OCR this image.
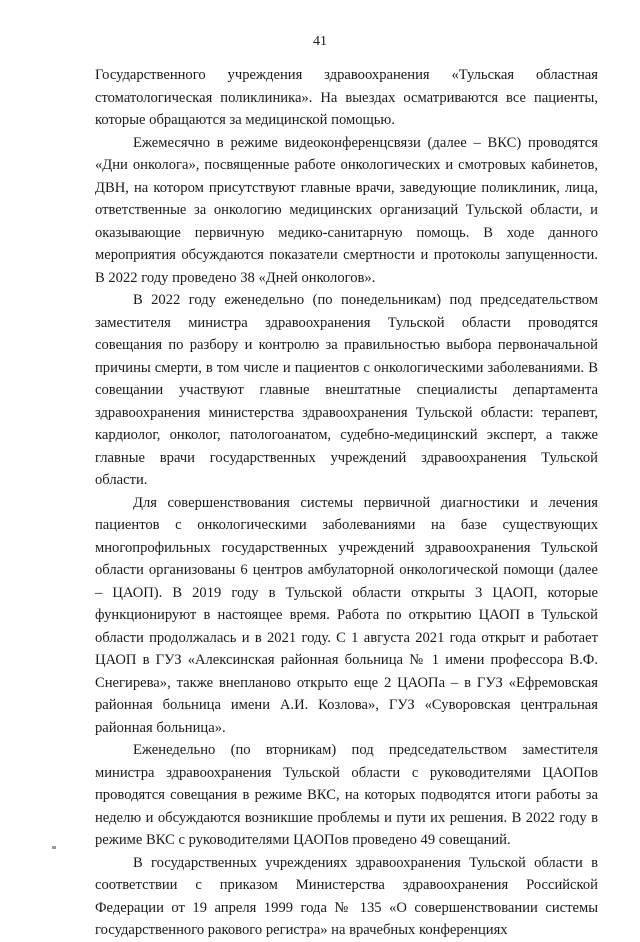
41

Государственного учреждения здравоохранения «Тульская областная стоматологическая поликлиника». На выездах осматриваются все пациенты, которые обращаются за медицинской помощью.

Ежемесячно в режиме видеоконференцсвязи (далее – ВКС) проводятся «Дни онколога», посвященные работе онкологических и смотровых кабинетов, ДВН, на котором присутствуют главные врачи, заведующие поликлиник, лица, ответственные за онкологию медицинских организаций Тульской области, и оказывающие первичную медико-санитарную помощь. В ходе данного мероприятия обсуждаются показатели смертности и протоколы запущенности. В 2022 году проведено 38 «Дней онкологов».

В 2022 году еженедельно (по понедельникам) под председательством заместителя министра здравоохранения Тульской области проводятся совещания по разбору и контролю за правильностью выбора первоначальной причины смерти, в том числе и пациентов с онкологическими заболеваниями. В совещании участвуют главные внештатные специалисты департамента здравоохранения министерства здравоохранения Тульской области: терапевт, кардиолог, онколог, патологоанатом, судебно-медицинский эксперт, а также главные врачи государственных учреждений здравоохранения Тульской области.

Для совершенствования системы первичной диагностики и лечения пациентов с онкологическими заболеваниями на базе существующих многопрофильных государственных учреждений здравоохранения Тульской области организованы 6 центров амбулаторной онкологической помощи (далее – ЦАОП). В 2019 году в Тульской области открыты 3 ЦАОП, которые функционируют в настоящее время. Работа по открытию ЦАОП в Тульской области продолжалась и в 2021 году. С 1 августа 2021 года открыт и работает ЦАОП в ГУЗ «Алексинская районная больница № 1 имени профессора В.Ф. Снегирева», также внепланово открыто еще 2 ЦАОПа – в ГУЗ «Ефремовская районная больница имени А.И. Козлова», ГУЗ «Суворовская центральная районная больница».

Еженедельно (по вторникам) под председательством заместителя министра здравоохранения Тульской области с руководителями ЦАОПов проводятся совещания в режиме ВКС, на которых подводятся итоги работы за неделю и обсуждаются возникшие проблемы и пути их решения. В 2022 году в режиме ВКС с руководителями ЦАОПов проведено 49 совещаний.

В государственных учреждениях здравоохранения Тульской области в соответствии с приказом Министерства здравоохранения Российской Федерации от 19 апреля 1999 года № 135 «О совершенствовании системы государственного ракового регистра» на врачебных конференциях
